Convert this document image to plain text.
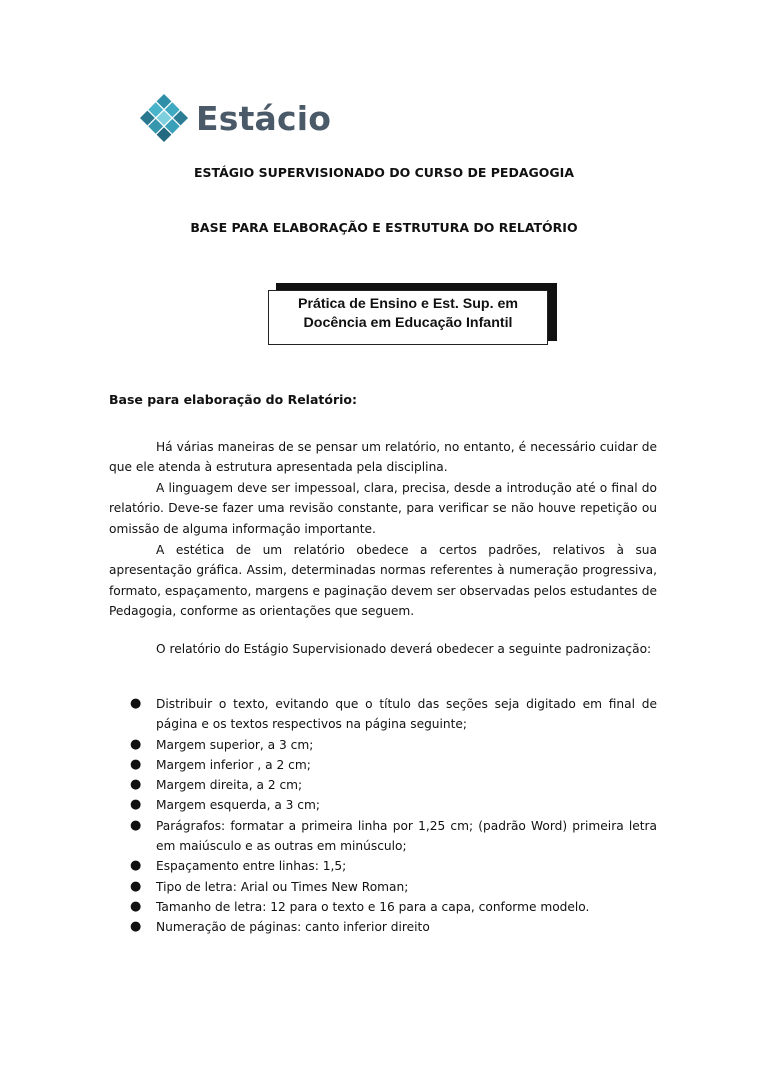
Estácio
ESTÁGIO SUPERVISIONADO DO CURSO DE PEDAGOGIA
BASE PARA ELABORAÇÃO E ESTRUTURA DO RELATÓRIO
Prática de Ensino e Est. Sup. em
Docência em Educação Infantil
Base para elaboração do Relatório:

Há várias maneiras de se pensar um relatório, no entanto, é necessário cuidar de que ele atenda à estrutura apresentada pela disciplina.

A linguagem deve ser impessoal, clara, precisa, desde a introdução até o final do relatório. Deve-se fazer uma revisão constante, para verificar se não houve repetição ou omissão de alguma informação importante.

A estética de um relatório obedece a certos padrões, relativos à sua apresentação gráfica. Assim, determinadas normas referentes à numeração progressiva, formato, espaçamento, margens e paginação devem ser observadas pelos estudantes de Pedagogia, conforme as orientações que seguem.

O relatório do Estágio Supervisionado deverá obedecer a seguinte padronização:

● Distribuir o texto, evitando que o título das seções seja digitado em final de página e os textos respectivos na página seguinte;
● Margem superior, a 3 cm;
● Margem inferior , a 2 cm;
● Margem direita, a 2 cm;
● Margem esquerda, a 3 cm;
● Parágrafos: formatar a primeira linha por 1,25 cm; (padrão Word) primeira letra em maiúsculo e as outras em minúsculo;
● Espaçamento entre linhas: 1,5;
● Tipo de letra: Arial ou Times New Roman;
● Tamanho de letra: 12 para o texto e 16 para a capa, conforme modelo.
● Numeração de páginas: canto inferior direito
